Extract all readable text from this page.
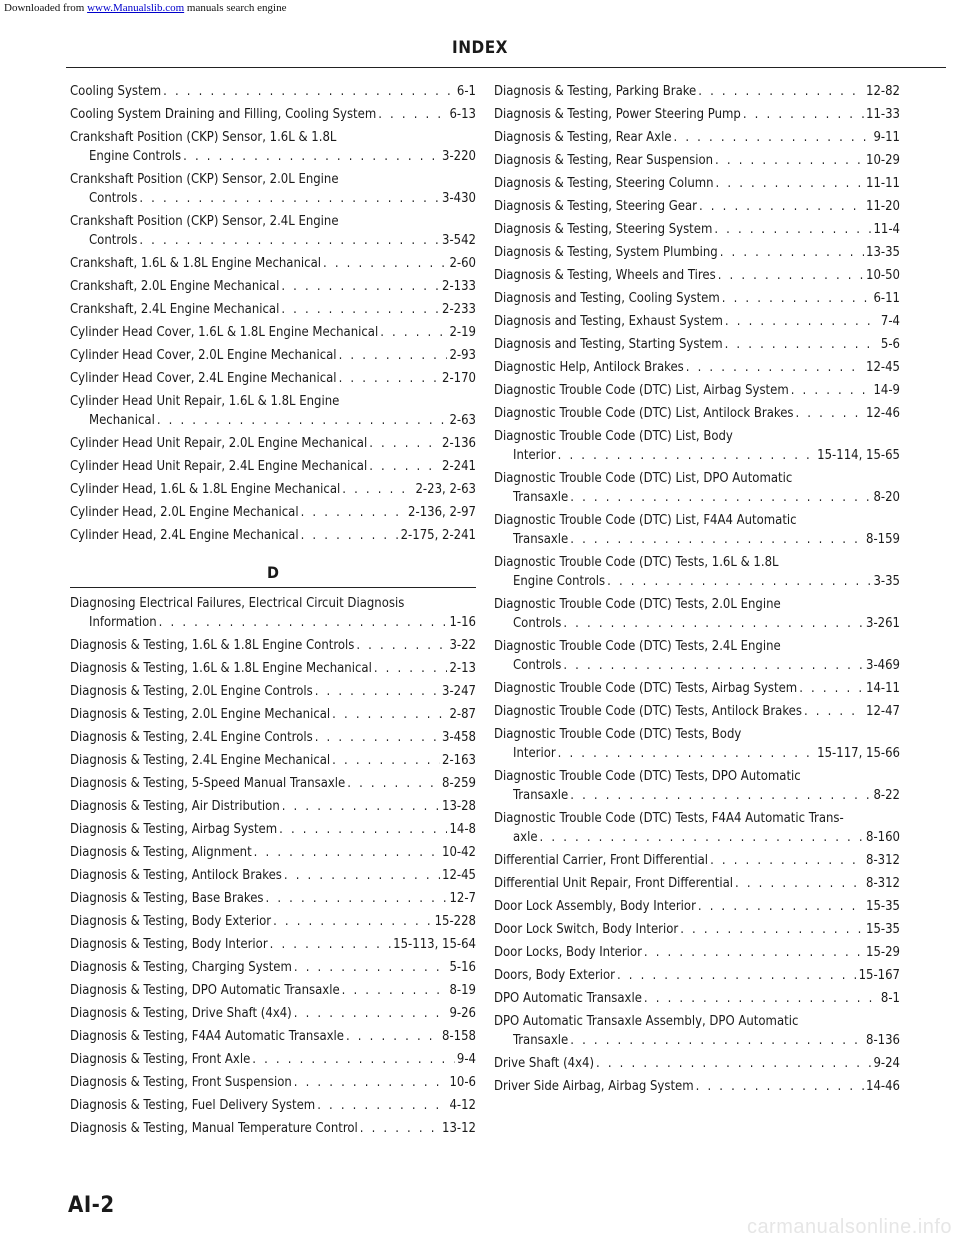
Downloaded from www.Manualslib.com manuals search engine
INDEX
Cooling System . . .	6-1
Cooling System Draining and Filling, Cooling System . . .	6-13
Crankshaft Position (CKP) Sensor, 1.6L & 1.8L
Engine Controls . . .	3-220
Crankshaft Position (CKP) Sensor, 2.0L Engine
Controls . . .	3-430
Crankshaft Position (CKP) Sensor, 2.4L Engine
Controls . . .	3-542
Crankshaft, 1.6L & 1.8L Engine Mechanical . . .	2-60
Crankshaft, 2.0L Engine Mechanical . . .	2-133
Crankshaft, 2.4L Engine Mechanical . . .	2-233
Cylinder Head Cover, 1.6L & 1.8L Engine Mechanical . . .	2-19
Cylinder Head Cover, 2.0L Engine Mechanical . . .	2-93
Cylinder Head Cover, 2.4L Engine Mechanical . . .	2-170
Cylinder Head Unit Repair, 1.6L & 1.8L Engine
Mechanical . . .	2-63
Cylinder Head Unit Repair, 2.0L Engine Mechanical . . .	2-136
Cylinder Head Unit Repair, 2.4L Engine Mechanical . . .	2-241
Cylinder Head, 1.6L & 1.8L Engine Mechanical . . .	2-23, 2-63
Cylinder Head, 2.0L Engine Mechanical . . .	2-136, 2-97
Cylinder Head, 2.4L Engine Mechanical . . .	2-175, 2-241
D
Diagnosing Electrical Failures, Electrical Circuit Diagnosis
Information . . .	1-16
Diagnosis & Testing, 1.6L & 1.8L Engine Controls . . .	3-22
Diagnosis & Testing, 1.6L & 1.8L Engine Mechanical . . .	2-13
Diagnosis & Testing, 2.0L Engine Controls . . .	3-247
Diagnosis & Testing, 2.0L Engine Mechanical . . .	2-87
Diagnosis & Testing, 2.4L Engine Controls . . .	3-458
Diagnosis & Testing, 2.4L Engine Mechanical . . .	2-163
Diagnosis & Testing, 5-Speed Manual Transaxle . . .	8-259
Diagnosis & Testing, Air Distribution . . .	13-28
Diagnosis & Testing, Airbag System . . .	14-8
Diagnosis & Testing, Alignment . . .	10-42
Diagnosis & Testing, Antilock Brakes . . .	12-45
Diagnosis & Testing, Base Brakes . . .	12-7
Diagnosis & Testing, Body Exterior . . .	15-228
Diagnosis & Testing, Body Interior . . .	15-113, 15-64
Diagnosis & Testing, Charging System . . .	5-16
Diagnosis & Testing, DPO Automatic Transaxle . . .	8-19
Diagnosis & Testing, Drive Shaft (4x4) . . .	9-26
Diagnosis & Testing, F4A4 Automatic Transaxle . . .	8-158
Diagnosis & Testing, Front Axle . . .	9-4
Diagnosis & Testing, Front Suspension . . .	10-6
Diagnosis & Testing, Fuel Delivery System . . .	4-12
Diagnosis & Testing, Manual Temperature Control . . .	13-12
Diagnosis & Testing, Parking Brake . . .	12-82
Diagnosis & Testing, Power Steering Pump . . .	11-33
Diagnosis & Testing, Rear Axle . . .	9-11
Diagnosis & Testing, Rear Suspension . . .	10-29
Diagnosis & Testing, Steering Column . . .	11-11
Diagnosis & Testing, Steering Gear . . .	11-20
Diagnosis & Testing, Steering System . . .	11-4
Diagnosis & Testing, System Plumbing . . .	13-35
Diagnosis & Testing, Wheels and Tires . . .	10-50
Diagnosis and Testing, Cooling System . . .	6-11
Diagnosis and Testing, Exhaust System . . .	7-4
Diagnosis and Testing, Starting System . . .	5-6
Diagnostic Help, Antilock Brakes . . .	12-45
Diagnostic Trouble Code (DTC) List, Airbag System . . .	14-9
Diagnostic Trouble Code (DTC) List, Antilock Brakes . . .	12-46
Diagnostic Trouble Code (DTC) List, Body
Interior . . .	15-114, 15-65
Diagnostic Trouble Code (DTC) List, DPO Automatic
Transaxle . . .	8-20
Diagnostic Trouble Code (DTC) List, F4A4 Automatic
Transaxle . . .	8-159
Diagnostic Trouble Code (DTC) Tests, 1.6L & 1.8L
Engine Controls . . .	3-35
Diagnostic Trouble Code (DTC) Tests, 2.0L Engine
Controls . . .	3-261
Diagnostic Trouble Code (DTC) Tests, 2.4L Engine
Controls . . .	3-469
Diagnostic Trouble Code (DTC) Tests, Airbag System . . .	14-11
Diagnostic Trouble Code (DTC) Tests, Antilock Brakes . . .	12-47
Diagnostic Trouble Code (DTC) Tests, Body
Interior . . .	15-117, 15-66
Diagnostic Trouble Code (DTC) Tests, DPO Automatic
Transaxle . . .	8-22
Diagnostic Trouble Code (DTC) Tests, F4A4 Automatic Trans-
axle . . .	8-160
Differential Carrier, Front Differential . . .	8-312
Differential Unit Repair, Front Differential . . .	8-312
Door Lock Assembly, Body Interior . . .	15-35
Door Lock Switch, Body Interior . . .	15-35
Door Locks, Body Interior . . .	15-29
Doors, Body Exterior . . .	15-167
DPO Automatic Transaxle . . .	8-1
DPO Automatic Transaxle Assembly, DPO Automatic
Transaxle . . .	8-136
Drive Shaft (4x4) . . .	9-24
Driver Side Airbag, Airbag System . . .	14-46
AI-2
carmanualsonline.info
